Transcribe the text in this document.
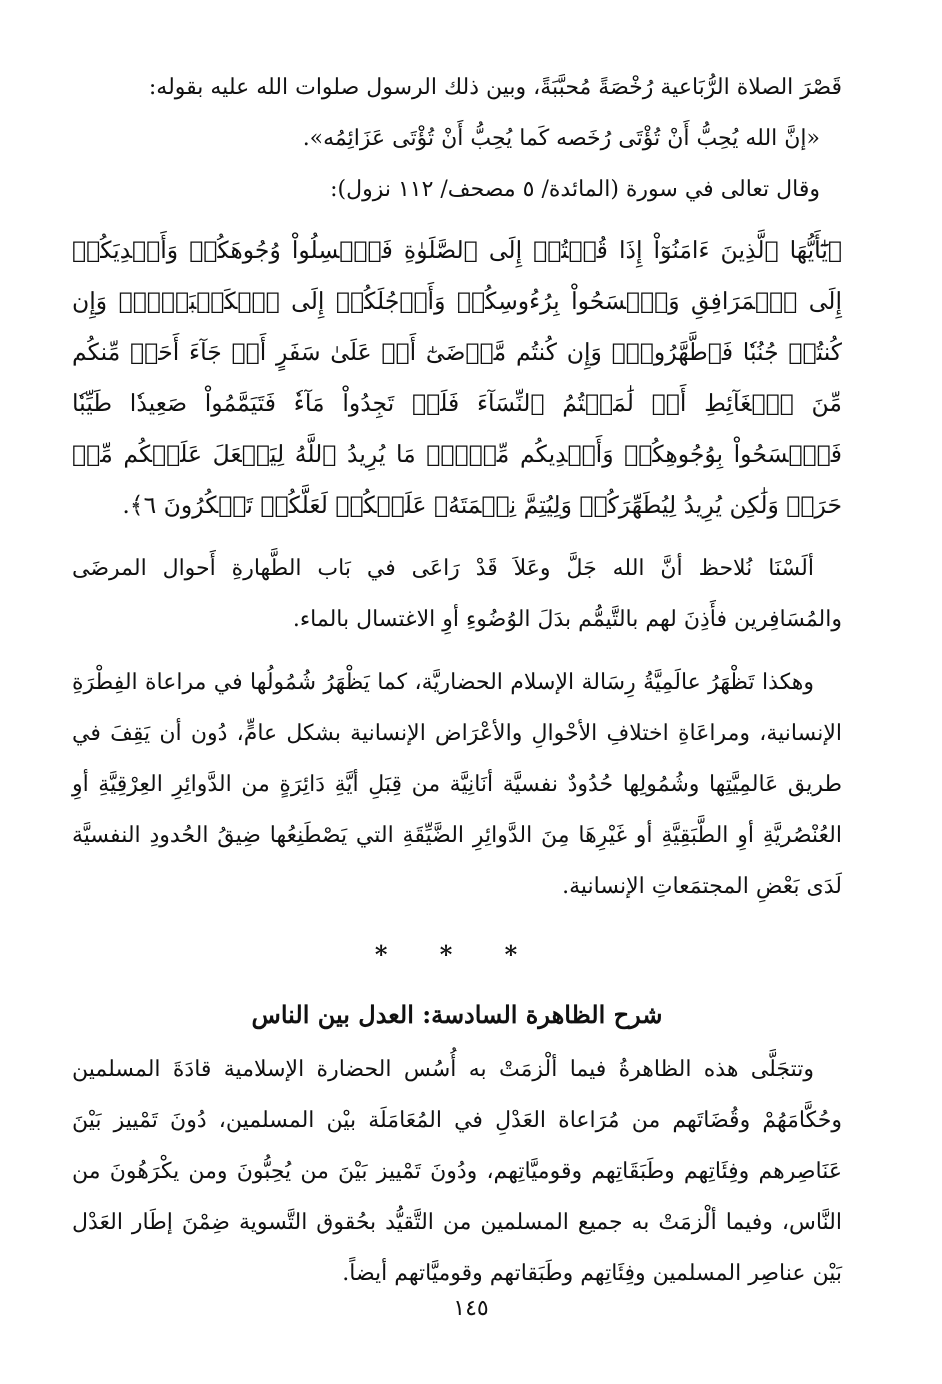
قَصْرَ الصلاة الرُّبَاعية رُخْصَةً مُحبَّبَةً، وبين ذلك الرسول صلوات الله عليه بقوله:

«إنَّ الله يُحِبُّ أَنْ تُؤْتَى رُخَصه كَما يُحِبُّ أَنْ تُؤْتَى عَزَائِمُه».

وقال تعالى في سورة (المائدة/ ٥ مصحف/ ١١٢ نزول):

﴿يَٰٓأَيُّهَا ٱلَّذِينَ ءَامَنُوٓاْ إِذَا قُمۡتُمۡ إِلَى ٱلصَّلَوٰةِ فَٱغۡسِلُواْ وُجُوهَكُمۡ وَأَيۡدِيَكُمۡ إِلَى ٱلۡمَرَافِقِ وَٱمۡسَحُواْ بِرُءُوسِكُمۡ وَأَرۡجُلَكُمۡ إِلَى ٱلۡكَعۡبَيۡنِۚ وَإِن كُنتُمۡ جُنُبٗا فَٱطَّهَّرُواْۚ وَإِن كُنتُم مَّرۡضَىٰٓ أَوۡ عَلَىٰ سَفَرٍ أَوۡ جَآءَ أَحَدٞ مِّنكُم مِّنَ ٱلۡغَآئِطِ أَوۡ لَٰمَسۡتُمُ ٱلنِّسَآءَ فَلَمۡ تَجِدُواْ مَآءٗ فَتَيَمَّمُواْ صَعِيدٗا طَيِّبٗا فَٱمۡسَحُواْ بِوُجُوهِكُمۡ وَأَيۡدِيكُم مِّنۡهُۚ مَا يُرِيدُ ٱللَّهُ لِيَجۡعَلَ عَلَيۡكُم مِّنۡ حَرَجٖ وَلَٰكِن يُرِيدُ لِيُطَهِّرَكُمۡ وَلِيُتِمَّ نِعۡمَتَهُۥ عَلَيۡكُمۡ لَعَلَّكُمۡ تَشۡكُرُونَ ٦﴾.

ألَسْنَا نُلاحظ أنَّ الله جَلَّ وعَلاَ قَدْ رَاعَى في بَاب الطَّهارةِ أَحوال المرضَى والمُسَافِرين فأَذِنَ لهم بالتَّيمُّم بدَلَ الوُضُوءِ أوِ الاغتسال بالماء.

وهكذا تَظْهَرُ عالَمِيَّةُ رِسَالة الإسلام الحضاريَّة، كما يَظْهَرُ شُمُولُها في مراعاة الفِطْرَةِ الإنسانية، ومراعَاةِ اختلافِ الأحْوالِ والأعْرَاض الإنسانية بشكل عامٍّ، دُون أن يَقِفَ في طريق عَالمِيَّتِها وشُمُولِها حُدُودٌ نفسيَّة أنَانِيَّة من قِبَلِ أيَّةِ دَائِرَةٍ من الدَّوائِرِ العِرْقِيَّةِ أوِ العُنْصُريَّةِ أوِ الطَّبَقِيَّةِ أو غَيْرِهَا مِنَ الدَّوائِرِ الضَّيِّقَةِ التي يَصْطَنِعُها ضِيقُ الحُدودِ النفسيَّة لَدَى بَعْضِ المجتمَعاتِ الإنسانية.

* * *

شرح الظاهرة السادسة: العدل بين الناس

وتتجَلَّى هذه الظاهرةُ فيما ألْزمَتْ به أُسُس الحضارة الإسلامية قادَةَ المسلمين وحُكَّامَهُمْ وقُضَاتَهم من مُرَاعاة العَدْلِ في المُعَامَلَة بيْن المسلمين، دُونَ تَمْييز بَيْنَ عَنَاصِرهم وفِئَاتِهم وطَبَقَاتِهم وقوميَّاتِهم، ودُونَ تَمْييز بَيْنَ من يُحِبُّونَ ومن يكْرَهُونَ من النَّاس، وفيما ألْزمَتْ به جميع المسلمين من التَّقيُّد بحُقوق التَّسوية ضِمْنَ إطَار العَدْل بَيْن عناصِر المسلمين وفِئَاتِهم وطَبَقاتهم وقوميَّاتهم أيضاً.

١٤٥
